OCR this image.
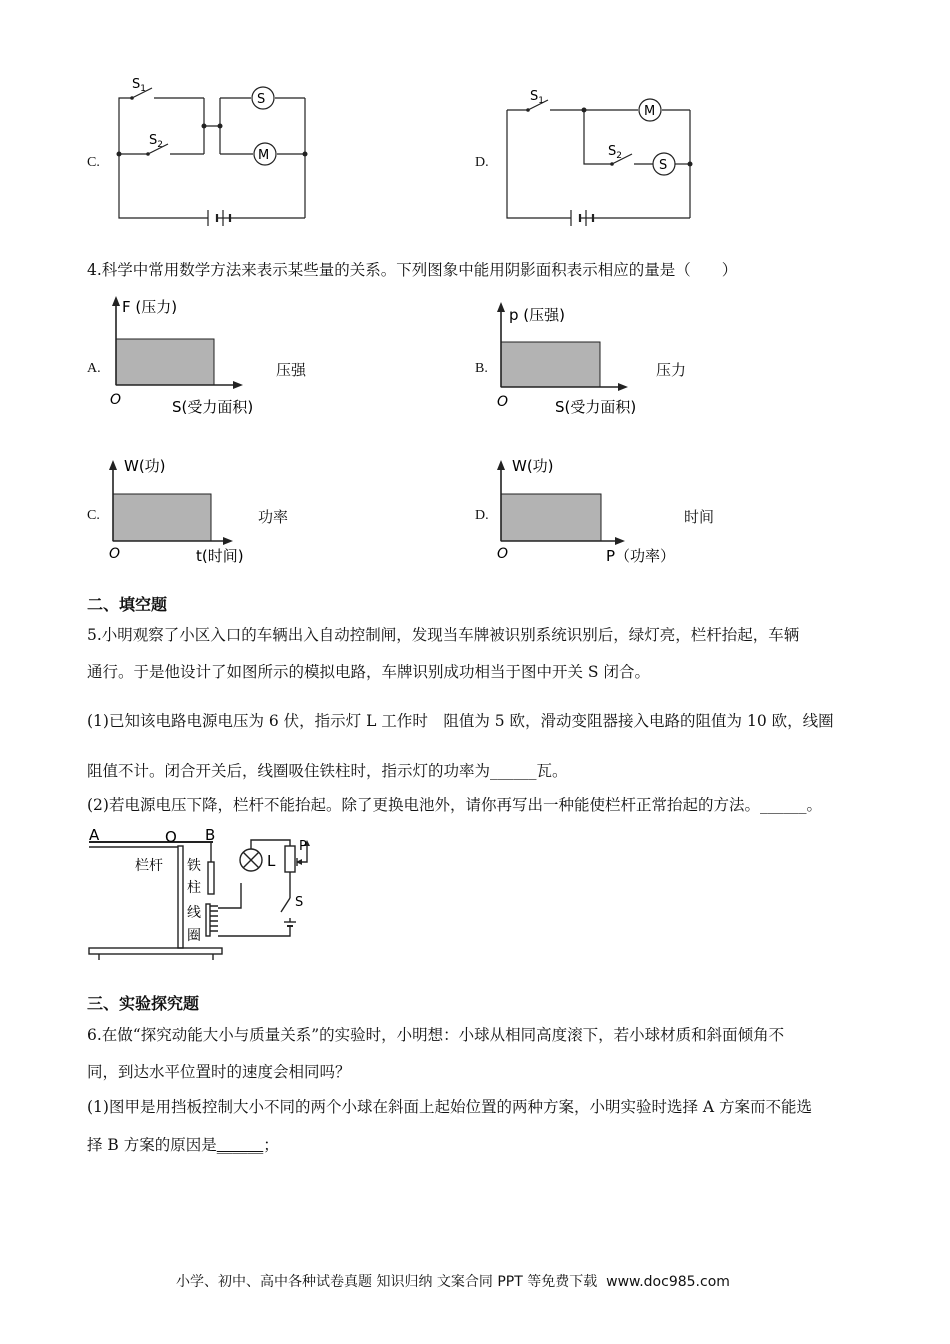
C.
$S_1$
$S_2$
S
M	D.
$S_1$
$S_2$
M
S
4.科学中常用数学方法来表示某些量的关系。下列图象中能用阴影面积表示相应的量是（　　）
A.
F (压力)
O	S(受力面积)
压强	B.
p (压强)
O	S(受力面积)
压力
C.
W(功)
O	t(时间)
功率	D.
W(功)
O	P（功率）
时间
二、填空题
5.小明观察了小区入口的车辆出入自动控制闸，发现当车牌被识别系统识别后，绿灯亮，栏杆抬起，车辆
通行。于是他设计了如图所示的模拟电路，车牌识别成功相当于图中开关 S 闭合。
(1)已知该电路电源电压为 6 伏，指示灯 L 工作时　阻值为 5 欧，滑动变阻器接入电路的阻值为 10 欧，线圈
阻值不计。闭合开关后，线圈吸住铁柱时，指示灯的功率为______瓦。
(2)若电源电压下降，栏杆不能抬起。除了更换电池外，请你再写出一种能使栏杆正常抬起的方法。______。
A	O B
栏杆 铁
柱
线
圈
L
P
S
三、实验探究题
6.在做“探究动能大小与质量关系”的实验时，小明想：小球从相同高度滚下，若小球材质和斜面倾角不
同，到达水平位置时的速度会相同吗？
(1)图甲是用挡板控制大小不同的两个小球在斜面上起始位置的两种方案，小明实验时选择 A 方案而不能选
择 B 方案的原因是______；
小学、初中、高中各种试卷真题 知识归纳 文案合同 PPT 等免费下载 www.doc985.com
